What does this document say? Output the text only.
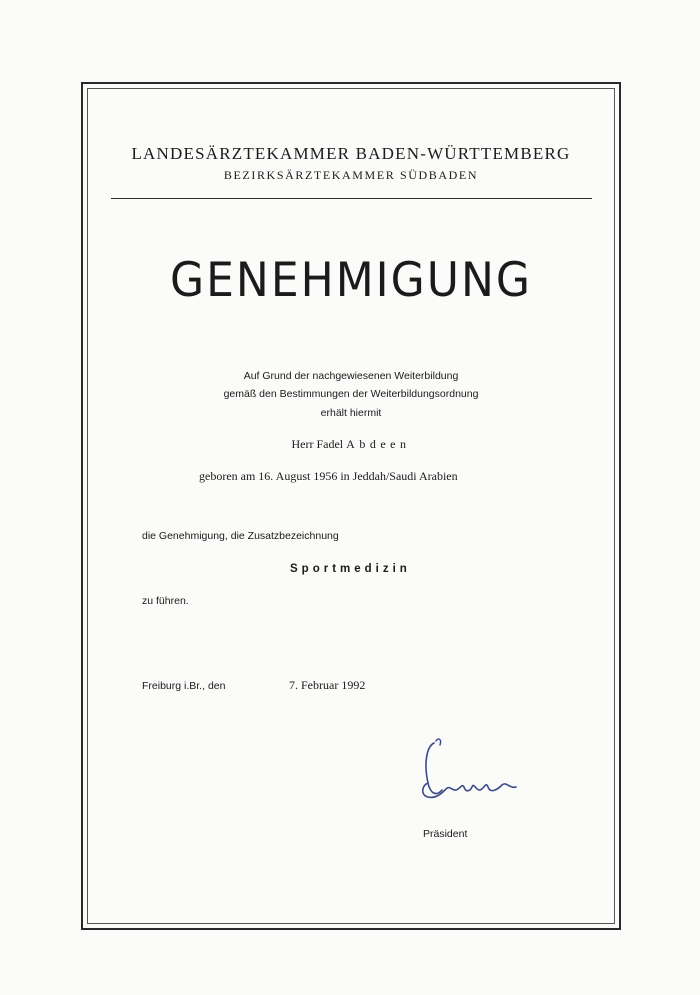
LANDESÄRZTEKAMMER BADEN-WÜRTTEMBERG
BEZIRKSÄRZTEKAMMER SÜDBADEN
GENEHMIGUNG
Auf Grund der nachgewiesenen Weiterbildung
gemäß den Bestimmungen der Weiterbildungsordnung
erhält hiermit
Herr Fadel Abdeen
geboren am 16. August 1956 in Jeddah/Saudi Arabien
die Genehmigung, die Zusatzbezeichnung
Sportmedizin
zu führen.
Freiburg i.Br., den	7. Februar 1992
Präsident
